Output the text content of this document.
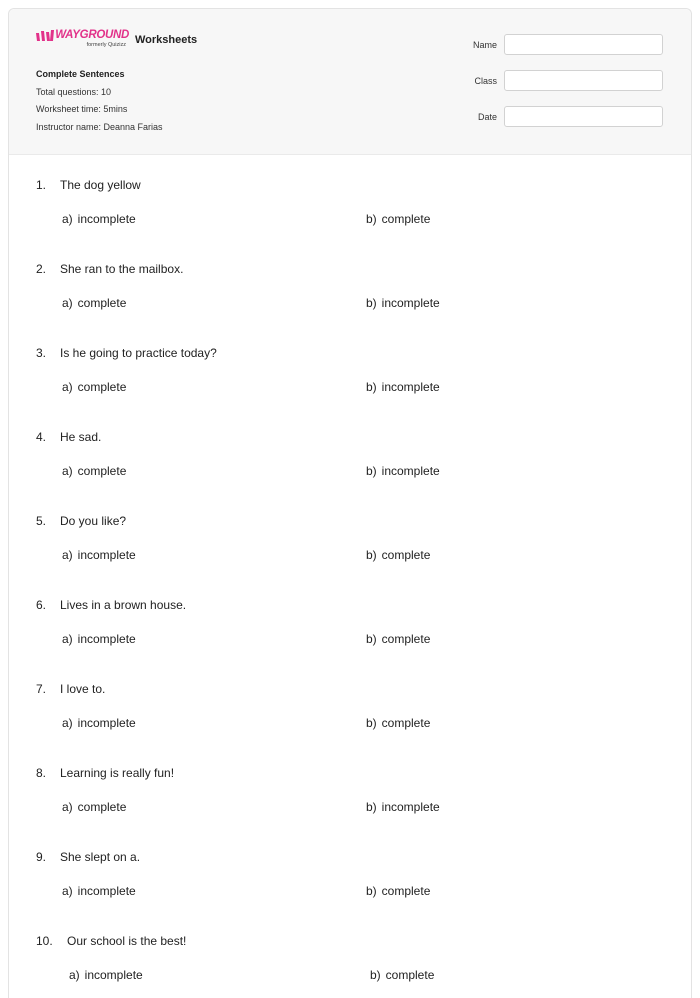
WAYGROUND
formerly Quizizz Worksheets
Complete Sentences
Total questions: 10
Worksheet time: 5mins
Instructor name: Deanna Farias
Name
Class
Date
1. The dog yellow
a) incomplete	b) complete
2. She ran to the mailbox.
a) complete	b) incomplete
3. Is he going to practice today?
a) complete	b) incomplete
4. He sad.
a) complete	b) incomplete
5. Do you like?
a) incomplete	b) complete
6. Lives in a brown house.
a) incomplete	b) complete
7. I love to.
a) incomplete	b) complete
8. Learning is really fun!
a) complete	b) incomplete
9. She slept on a.
a) incomplete	b) complete
10. Our school is the best!
a) incomplete	b) complete
